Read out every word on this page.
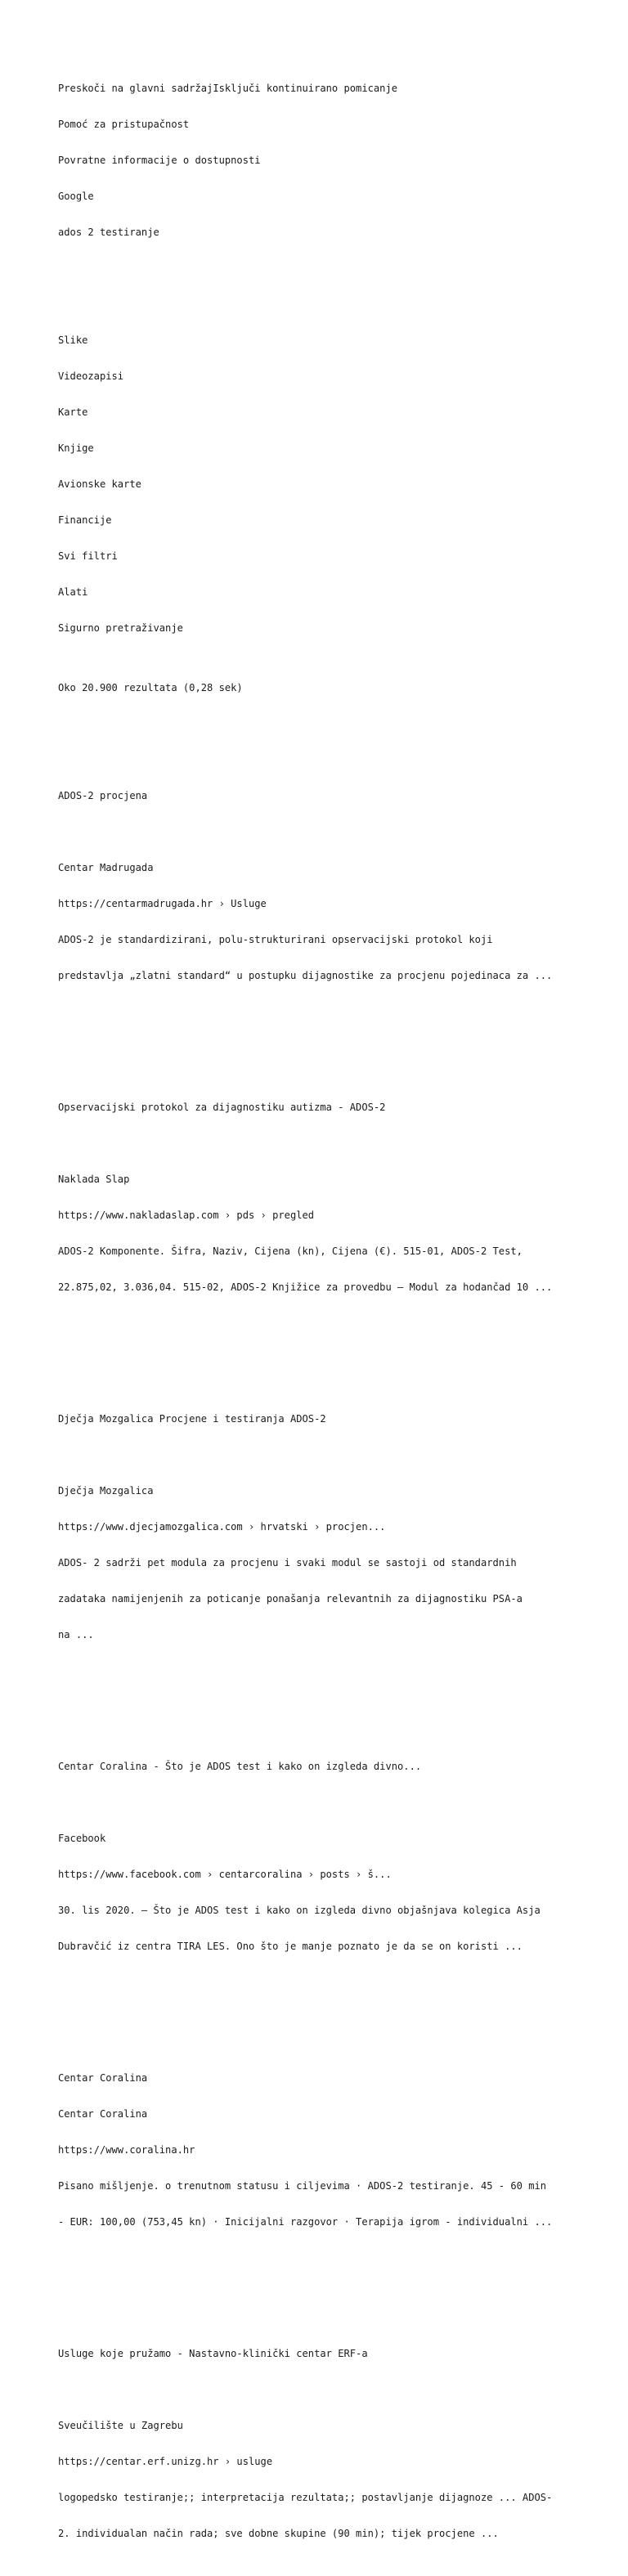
Preskoči na glavni sadržajIsključi kontinuirano pomicanje

Pomoć za pristupačnost

Povratne informacije o dostupnosti

Google

ados 2 testiranje

Slike

Videozapisi

Karte

Knjige

Avionske karte

Financije

Svi filtri

Alati

Sigurno pretraživanje

Oko 20.900 rezultata (0,28 sek)

ADOS-2 procjena

Centar Madrugada

https://centarmadrugada.hr › Usluge

ADOS-2 je standardizirani, polu-strukturirani opservacijski protokol koji

predstavlja „zlatni standard“ u postupku dijagnostike za procjenu pojedinaca za ...

Opservacijski protokol za dijagnostiku autizma - ADOS-2

Naklada Slap

https://www.nakladaslap.com › pds › pregled

ADOS-2 Komponente. Šifra, Naziv, Cijena (kn), Cijena (€). 515-01, ADOS-2 Test,

22.875,02, 3.036,04. 515-02, ADOS-2 Knjižice za provedbu – Modul za hodančad 10 ...

Dječja Mozgalica Procjene i testiranja ADOS-2

Dječja Mozgalica

https://www.djecjamozgalica.com › hrvatski › procjen...

ADOS- 2 sadrži pet modula za procjenu i svaki modul se sastoji od standardnih

zadataka namijenjenih za poticanje ponašanja relevantnih za dijagnostiku PSA-a

na ...

Centar Coralina - Što je ADOS test i kako on izgleda divno...

Facebook

https://www.facebook.com › centarcoralina › posts › š...

30. lis 2020. — Što je ADOS test i kako on izgleda divno objašnjava kolegica Asja

Dubravčić iz centra TIRA LES. Ono što je manje poznato je da se on koristi ...

Centar Coralina

Centar Coralina

https://www.coralina.hr

Pisano mišljenje. o trenutnom statusu i ciljevima · ADOS-2 testiranje. 45 - 60 min

- EUR: 100,00 (753,45 kn) · Inicijalni razgovor · Terapija igrom - individualni ...

Usluge koje pružamo - Nastavno-klinički centar ERF-a

Sveučilište u Zagrebu

https://centar.erf.unizg.hr › usluge

logopedsko testiranje;; interpretacija rezultata;; postavljanje dijagnoze ... ADOS-

2. individualan način rada; sve dobne skupine (90 min); tijek procjene ...
